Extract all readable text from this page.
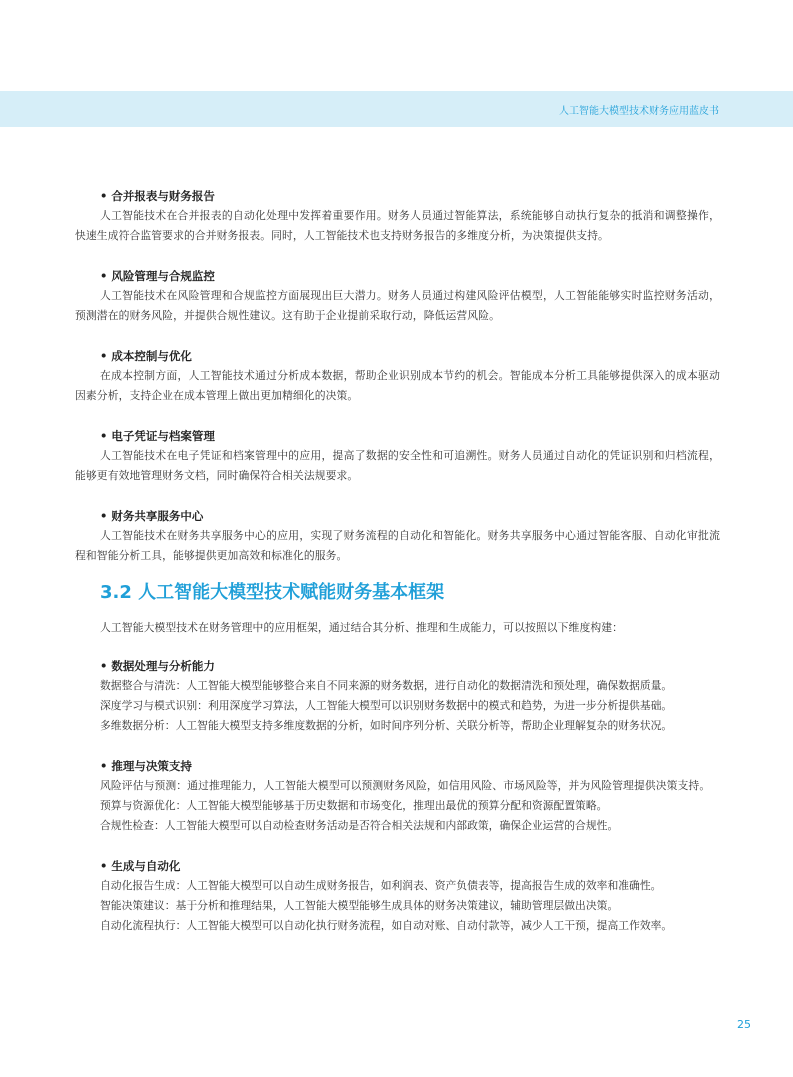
人工智能大模型技术财务应用蓝皮书
• 合并报表与财务报告
人工智能技术在合并报表的自动化处理中发挥着重要作用。财务人员通过智能算法，系统能够自动执行复杂的抵消和调整操作，快速生成符合监管要求的合并财务报表。同时，人工智能技术也支持财务报告的多维度分析，为决策提供支持。
• 风险管理与合规监控
人工智能技术在风险管理和合规监控方面展现出巨大潜力。财务人员通过构建风险评估模型，人工智能能够实时监控财务活动，预测潜在的财务风险，并提供合规性建议。这有助于企业提前采取行动，降低运营风险。
• 成本控制与优化
在成本控制方面，人工智能技术通过分析成本数据，帮助企业识别成本节约的机会。智能成本分析工具能够提供深入的成本驱动因素分析，支持企业在成本管理上做出更加精细化的决策。
• 电子凭证与档案管理
人工智能技术在电子凭证和档案管理中的应用，提高了数据的安全性和可追溯性。财务人员通过自动化的凭证识别和归档流程，能够更有效地管理财务文档，同时确保符合相关法规要求。
• 财务共享服务中心
人工智能技术在财务共享服务中心的应用，实现了财务流程的自动化和智能化。财务共享服务中心通过智能客服、自动化审批流程和智能分析工具，能够提供更加高效和标准化的服务。
3.2 人工智能大模型技术赋能财务基本框架
人工智能大模型技术在财务管理中的应用框架，通过结合其分析、推理和生成能力，可以按照以下维度构建：
• 数据处理与分析能力
数据整合与清洗：人工智能大模型能够整合来自不同来源的财务数据，进行自动化的数据清洗和预处理，确保数据质量。
深度学习与模式识别：利用深度学习算法，人工智能大模型可以识别财务数据中的模式和趋势，为进一步分析提供基础。
多维数据分析：人工智能大模型支持多维度数据的分析，如时间序列分析、关联分析等，帮助企业理解复杂的财务状况。
• 推理与决策支持
风险评估与预测：通过推理能力，人工智能大模型可以预测财务风险，如信用风险、市场风险等，并为风险管理提供决策支持。
预算与资源优化：人工智能大模型能够基于历史数据和市场变化，推理出最优的预算分配和资源配置策略。
合规性检查：人工智能大模型可以自动检查财务活动是否符合相关法规和内部政策，确保企业运营的合规性。
• 生成与自动化
自动化报告生成：人工智能大模型可以自动生成财务报告，如利润表、资产负债表等，提高报告生成的效率和准确性。
智能决策建议：基于分析和推理结果，人工智能大模型能够生成具体的财务决策建议，辅助管理层做出决策。
自动化流程执行：人工智能大模型可以自动化执行财务流程，如自动对账、自动付款等，减少人工干预，提高工作效率。
25
